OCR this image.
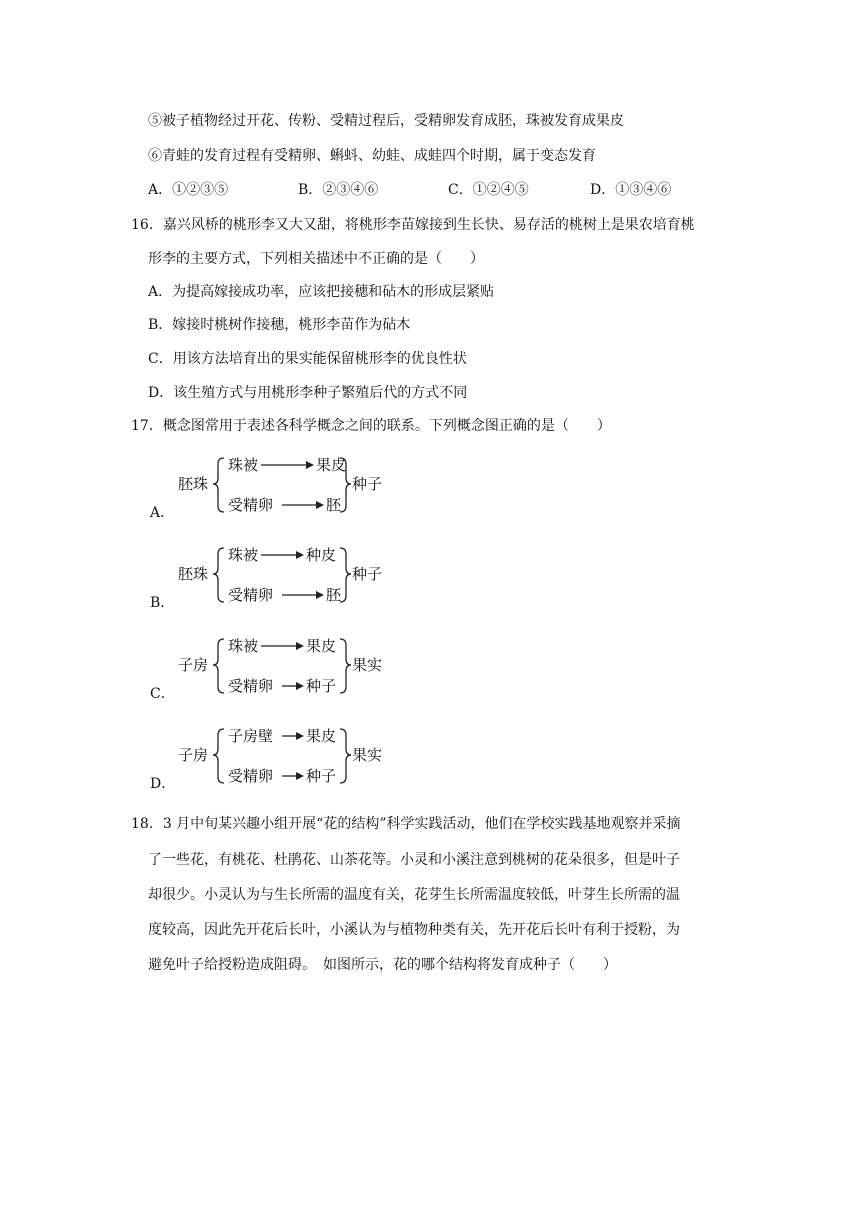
⑤被子植物经过开花、传粉、受精过程后，受精卵发育成胚，珠被发育成果皮
⑥青蛙的发育过程有受精卵、蝌蚪、幼蛙、成蛙四个时期，属于变态发育
A．①②③⑤	B．②③④⑥	C．①②④⑤	D．①③④⑥
16．嘉兴风桥的桃形李又大又甜，将桃形李苗嫁接到生长快、易存活的桃树上是果农培育桃
形李的主要方式，下列相关描述中不正确的是（　　）
A．为提高嫁接成功率，应该把接穗和砧木的形成层紧贴
B．嫁接时桃树作接穗，桃形李苗作为砧木
C．用该方法培育出的果实能保留桃形李的优良性状
D．该生殖方式与用桃形李种子繁殖后代的方式不同
17．概念图常用于表述各科学概念之间的联系。下列概念图正确的是（　　）
A．
胚珠
珠被	果皮
受精卵	胚
种子
B．
胚珠
珠被	种皮
受精卵	胚
种子
C．
子房
珠被	果皮
受精卵 种子
果实
D．
子房
子房壁 果皮
受精卵 种子
果实
18．3 月中旬某兴趣小组开展“花的结构”科学实践活动，他们在学校实践基地观察并采摘
了一些花，有桃花、杜鹃花、山茶花等。小灵和小溪注意到桃树的花朵很多，但是叶子
却很少。小灵认为与生长所需的温度有关，花芽生长所需温度较低，叶芽生长所需的温
度较高，因此先开花后长叶，小溪认为与植物种类有关，先开花后长叶有利于授粉，为
避免叶子给授粉造成阻碍。　如图所示，花的哪个结构将发育成种子（　　）
